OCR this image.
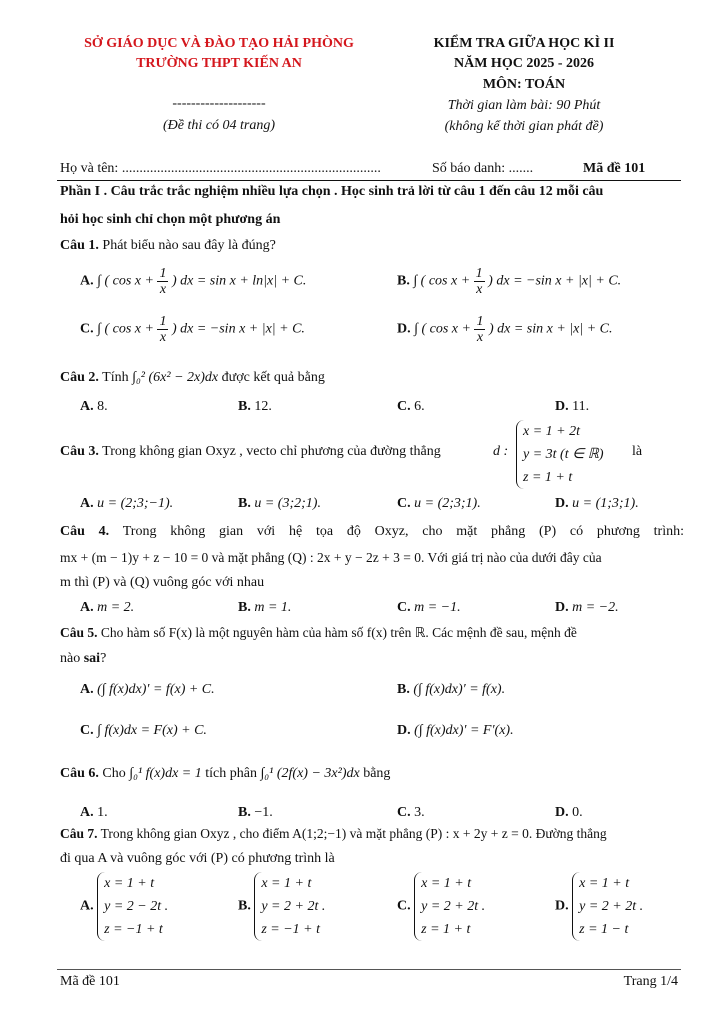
SỞ GIÁO DỤC VÀ ĐÀO TẠO HẢI PHÒNG
TRƯỜNG THPT KIẾN AN
--------------------
(Đề thi có 04 trang)
KIỂM TRA GIỮA HỌC KÌ II
NĂM HỌC 2025 - 2026
MÔN: TOÁN
Thời gian làm bài: 90 Phút
(không kể thời gian phát đề)
Họ và tên: ..........................................................................	Số báo danh: .......	Mã đề 101
Phần I . Câu trắc trắc nghiệm nhiều lựa chọn . Học sinh trả lời từ câu 1 đến câu 12 mỗi câu
hỏi học sinh chỉ chọn một phương án
Câu 1. Phát biểu nào sau đây là đúng?
A. ∫ ( $\cos x + \frac{1}{x}$ ) dx = sin x + ln|x| + C.	B. ∫ ( $\cos x + \frac{1}{x}$ ) dx = −sin x + |x| + C.
C. ∫ ( $\cos x + \frac{1}{x}$ ) dx = −sin x + |x| + C.	D. ∫ ( $\cos x + \frac{1}{x}$ ) dx = sin x + |x| + C.
Câu 2. Tính ∫₀² (6x² − 2x)dx được kết quả bằng
A. 8.	B. 12.	C. 6.	D. 11.
Câu 3. Trong không gian Oxyz , vecto chỉ phương của đường thẳng	d :
x = 1 + 2t
y = 3t (t ∈ ℝ)
z = 1 + t
là
A. u = (2;3;−1).	B. u = (3;2;1).	C. u = (2;3;1).	D. u = (1;3;1).
Câu 4. Trong không gian với hệ tọa độ Oxyz, cho mặt phẳng (P) có phương trình:
mx + (m − 1)y + z − 10 = 0 và mặt phẳng (Q) : 2x + y − 2z + 3 = 0. Với giá trị nào của dưới đây của
m thì (P) và (Q) vuông góc với nhau
A. m = 2.	B. m = 1.	C. m = −1.	D. m = −2.
Câu 5. Cho hàm số F(x) là một nguyên hàm của hàm số f(x) trên ℝ. Các mệnh đề sau, mệnh đề
nào sai?
A. (∫ f(x)dx)′ = f(x) + C.	B. (∫ f(x)dx)′ = f(x).
C. ∫ f(x)dx = F(x) + C.	D. (∫ f(x)dx)′ = F′(x).
Câu 6. Cho ∫₀¹ f(x)dx = 1 tích phân ∫₀¹ (2f(x) − 3x²)dx bằng
A. 1.	B. −1.	C. 3.	D. 0.
Câu 7. Trong không gian Oxyz , cho điểm A(1;2;−1) và mặt phẳng (P) : x + 2y + z = 0. Đường thẳng
đi qua A và vuông góc với (P) có phương trình là
A.
x = 1 + t
y = 2 − 2t .
z = −1 + t
B.
x = 1 + t
y = 2 + 2t .
z = −1 + t
C.
x = 1 + t
y = 2 + 2t .
z = 1 + t
D.
x = 1 + t
y = 2 + 2t .
z = 1 − t
Mã đề 101	Trang 1/4
